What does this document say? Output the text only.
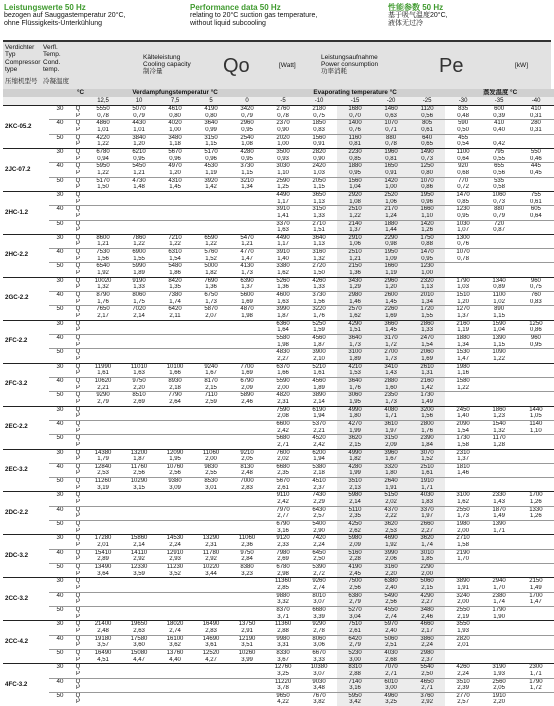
Leistungswerte 50 Hz
bezogen auf Sauggastemperatur 20°C,
ohne Flüssigkeits-Unterkühlung
Performance data 50 Hz
relating to 20°C suction gas temperature,
without liquid subcooling
性能参数 50 Hz
基于吸气温度20°C,
液体无过冷
Verdichter
Typ
Compressor
type
压缩机型号
Verfl.
Temp.
Cond.
temp.
冷凝温度
Kälteleistung
Cooling capacity
制冷量	Qo	[Watt]
Leistungsaufnahme
Power consumption
功率消耗	Pe	[kW]
°C			Verdampfungstemperatur °C					Evaporating temperature °C					蒸发温度 °C		
			12,5	10	7,5	5	0	-5	-10	-15	-20	-25	-30	-35	-40
2KC-05.2	30	Q	5550	5070	4610	4190	3420	2760	2180	1680	1460	1120	835	600	410
		P	0,78	0,79	0,80	0,80	0,79	0,78	0,75	0,70	0,63	0,56	0,48	0,39	0,31
	40	Q	4860	4430	4020	3640	2960	2370	1850	1400	1070	805	590	410	280
		P	1,01	1,01	1,00	0,99	0,95	0,90	0,83	0,76	0,71	0,61	0,50	0,40	0,31
	50	Q	4220	3840	3480	3150	2540	2020	1560	1160	880	640	455		
		P	1,22	1,20	1,18	1,15	1,08	1,00	0,91	0,81	0,78	0,65	0,54	0,42	
2JC-07.2	30	Q	6780	6210	5670	5170	4280	3500	2820	2230	1960	1490	1100	795	550
		P	0,94	0,95	0,96	0,96	0,95	0,93	0,90	0,85	0,81	0,73	0,64	0,55	0,46
	40	Q	5950	5450	4970	4530	3730	3030	2420	1880	1650	1250	920	655	445
		P	1,22	1,21	1,20	1,19	1,15	1,10	1,03	0,95	0,91	0,80	0,68	0,56	0,45
	50	Q	5170	4730	4310	3920	3210	2590	2050	1560	1420	1070	770	535	
		P	1,50	1,48	1,45	1,42	1,34	1,25	1,15	1,04	1,00	0,86	0,72	0,58	
2HC-1.2	30	Q						4490	3650	2920	2520	1950	1470	1060	755
		P						1,17	1,13	1,08	1,06	0,96	0,85	0,73	0,61
	40	Q						3910	3150	2510	2170	1660	1230	880	605
		P						1,41	1,33	1,22	1,24	1,10	0,95	0,79	0,64
	50	Q						3370	2710	2140	1880	1420	1030	720	
		P						1,63	1,51	1,37	1,44	1,26	1,07	0,87	
2HC-2.2	30	Q	8600	7860	7210	6590	5470	4490	3640	2910	2290	1750	1300		
		P	1,21	1,22	1,22	1,22	1,21	1,17	1,13	1,06	0,98	0,88	0,76		
	40	Q	7530	6900	6310	5760	4770	3910	3160	2510	1950	1470	1070		
		P	1,56	1,55	1,54	1,52	1,47	1,40	1,32	1,21	1,09	0,95	0,78		
	50	Q	6540	5990	5480	5000	4130	3380	2720	2150	1660	1230			
		P	1,92	1,89	1,86	1,82	1,73	1,62	1,50	1,36	1,19	1,00			
2GC-2.2	30	Q	10020	9190	8420	7690	6390	5260	4260	3430	2960	2320	1790	1340	960
		P	1,32	1,33	1,35	1,36	1,37	1,36	1,33	1,29	1,20	1,13	1,03	0,89	0,75
	40	Q	8790	8060	7380	6750	5600	4600	3730	2980	2600	2010	1510	1100	760
		P	1,76	1,75	1,74	1,73	1,69	1,63	1,56	1,46	1,45	1,34	1,20	1,02	0,83
	50	Q	7650	7020	6420	5870	4870	3990	3220	2570	2260	1720	1270	890	
		P	2,17	2,14	2,11	2,07	1,98	1,87	1,76	1,62	1,69	1,55	1,37	1,15	
2FC-2.2	30	Q						6360	5250	4290	3660	2860	2160	1590	1250
		P						1,64	1,59	1,51	1,45	1,33	1,19	1,04	0,86
	40	Q						5580	4560	3640	3170	2470	1880	1390	960
		P						1,98	1,87	1,73	1,72	1,54	1,34	1,15	0,95
	50	Q						4830	3900	3100	2700	2060	1530	1090	
		P						2,27	2,10	1,89	1,73	1,69	1,47	1,22	
2FC-3.2	30	Q	11990	11010	10100	9240	7700	6370	5210	4210	3410	2610	1980		
		P	1,61	1,63	1,66	1,67	1,69	1,66	1,61	1,53	1,43	1,31	1,16		
	40	Q	10620	9750	8930	8170	6790	5590	4560	3640	2880	2160	1580		
		P	2,21	2,20	2,18	2,15	2,09	2,00	1,89	1,76	1,60	1,42	1,22		
	50	Q	9290	8510	7790	7110	5890	4820	3890	3060	2350	1730			
		P	2,79	2,69	2,64	2,59	2,46	2,31	2,14	1,95	1,73	1,49			
2EC-2.2	30	Q						7590	6190	4990	4080	3200	2450	1860	1440
		P						2,08	1,94	1,80	1,71	1,56	1,40	1,23	1,05
	40	Q						6600	5370	4270	3610	2800	2090	1540	1140
		P						2,42	2,21	1,99	1,97	1,76	1,54	1,32	1,10
	50	Q						5680	4520	3620	3150	2390	1730	1170	
		P						2,71	2,42	2,15	2,09	1,84	1,58	1,28	
2EC-3.2	30	Q	14380	13200	12090	11060	9210	7600	6200	4990	3960	3070	2310		
		P	1,79	1,87	1,95	2,00	2,05	2,02	1,94	1,82	1,67	1,52	1,37		
	40	Q	12840	11760	10760	9830	8130	6680	5380	4280	3320	2510	1810		
		P	2,53	2,56	2,56	2,55	2,48	2,35	2,18	1,99	1,80	1,61	1,46		
	50	Q	11260	10290	9380	8530	7000	5670	4510	3510	2640	1910			
		P	3,19	3,15	3,09	3,01	2,83	2,61	2,37	2,13	1,91	1,71			
2DC-2.2	30	Q						9110	7430	5980	5150	4030	3100	2330	1700
		P						2,42	2,29	2,14	2,02	1,83	1,62	1,43	1,26
	40	Q						7970	6430	5110	4370	3370	2550	1870	1330
		P						2,77	2,57	2,35	2,22	1,97	1,73	1,49	1,26
	50	Q						6790	5400	4250	3620	2660	1980	1390	
		P						3,16	2,90	2,62	2,53	2,27	2,00	1,71	
2DC-3.2	30	Q	17280	15860	14530	13290	11060	9120	7420	5980	4690	3620	2710		
		P	2,01	2,14	2,24	2,31	2,36	2,33	2,24	2,09	1,92	1,74	1,58		
	40	Q	15410	14110	12910	11780	9750	7980	6450	5160	3990	3010	2190		
		P	2,89	2,92	2,93	2,92	2,84	2,69	2,50	2,28	2,06	1,85	1,70		
	50	Q	13490	12330	11230	10220	8380	6780	5390	4190	3160	2290			
		P	3,64	3,59	3,52	3,44	3,23	2,98	2,72	2,45	2,20	2,00			
2CC-3.2	30	Q						11360	9260	7500	6380	5060	3890	2940	2150
		P						2,85	2,74	2,56	2,40	2,15	1,91	1,70	1,49
	40	Q						9880	8010	6380	5490	4290	3240	2380	1700
		P						3,32	3,07	2,79	2,56	2,27	2,00	1,74	1,47
	50	Q						8370	6680	5270	4550	3480	2550	1790	
		P						3,71	3,39	3,04	2,74	2,46	2,19	1,90	
2CC-4.2	30	Q	21400	19650	18020	16490	13750	11360	9290	7510	5970	4660	3550		
		P	2,48	2,63	2,74	2,83	2,91	2,88	2,78	2,61	2,40	2,17	1,93		
	40	Q	19180	17580	16100	14690	12190	9980	8060	6420	5060	3860	2820		
		P	3,57	3,60	3,62	3,61	3,51	3,31	3,06	2,79	2,51	2,24	2,01		
	50	Q	16490	15080	13760	12520	10260	8330	6670	5230	4030	2980			
		P	4,51	4,47	4,40	4,27	3,99	3,67	3,33	3,00	2,68	2,37			
4FC-3.2	30	Q						12760	10380	8310	7070	5540	4260	3190	2300
		P						3,25	3,07	2,88	2,71	2,50	2,24	1,93	1,71
	40	Q						11220	9030	7140	6010	4650	3510	2560	1790
		P						3,78	3,48	3,16	3,00	2,71	2,39	2,05	1,72
	50	Q						9650	7670	5950	4960	3760	2770	1910	
		P						4,22	3,82	3,42	3,25	2,92	2,57	2,20	
